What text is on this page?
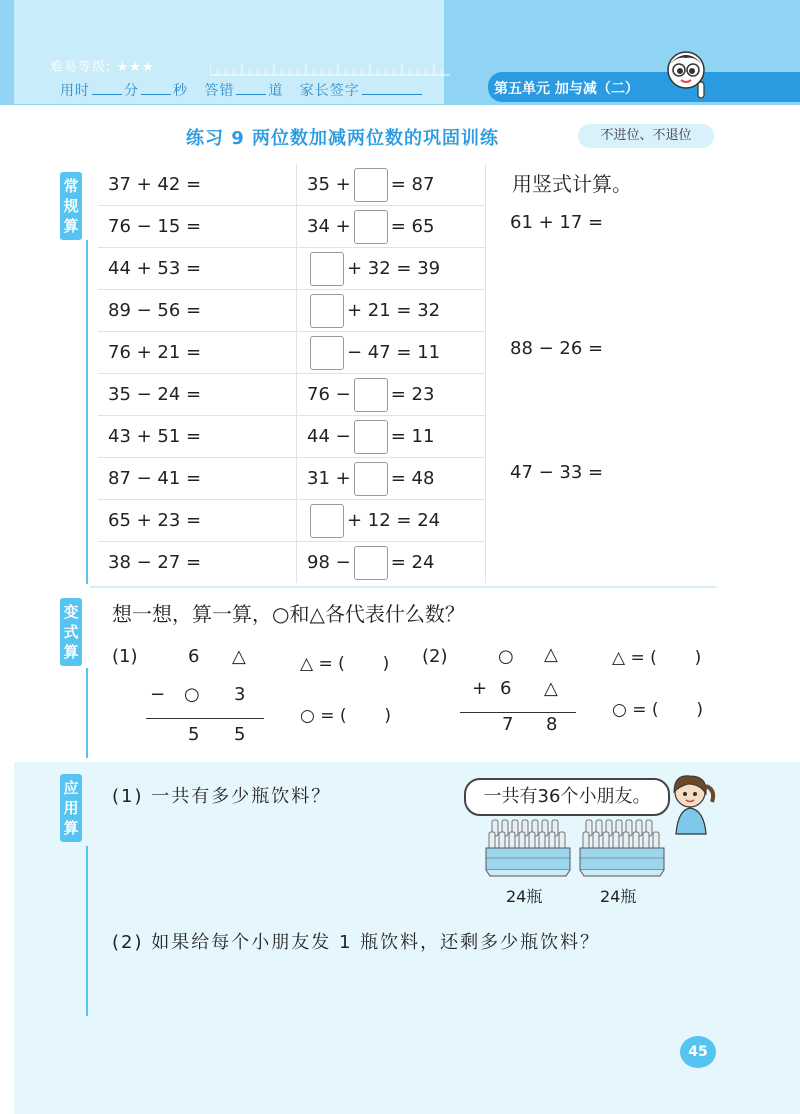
难易等级: ★★★
用时 分 秒 答错 道 家长签字	第五单元 加与减（二）
练习 9 两位数加减两位数的巩固训练	不进位、不退位
常规算
37 + 42 =	35 + = 87
76 − 15 =	34 + = 65
44 + 53 =	+ 32 = 39
89 − 56 =	+ 21 = 32
76 + 21 =	− 47 = 11
35 − 24 =	76 − = 23
43 + 51 =	44 − = 11
87 − 41 =	31 + = 48
65 + 23 =	+ 12 = 24
38 − 27 =	98 − = 24
用竖式计算。
61 + 17 =
88 − 26 =
47 − 33 =
变式算
想一想，算一算，○和△各代表什么数？
(1)	6 △
− ○ 3
5 5
△ = (       )
○ = (       )
(2)	○ △
+ 6 △
7 8
△ = (       )
○ = (       )
应用算
(1) 一共有多少瓶饮料？
(2) 如果给每个小朋友发 1 瓶饮料，还剩多少瓶饮料？
一共有36个小朋友。
24瓶	24瓶
45
